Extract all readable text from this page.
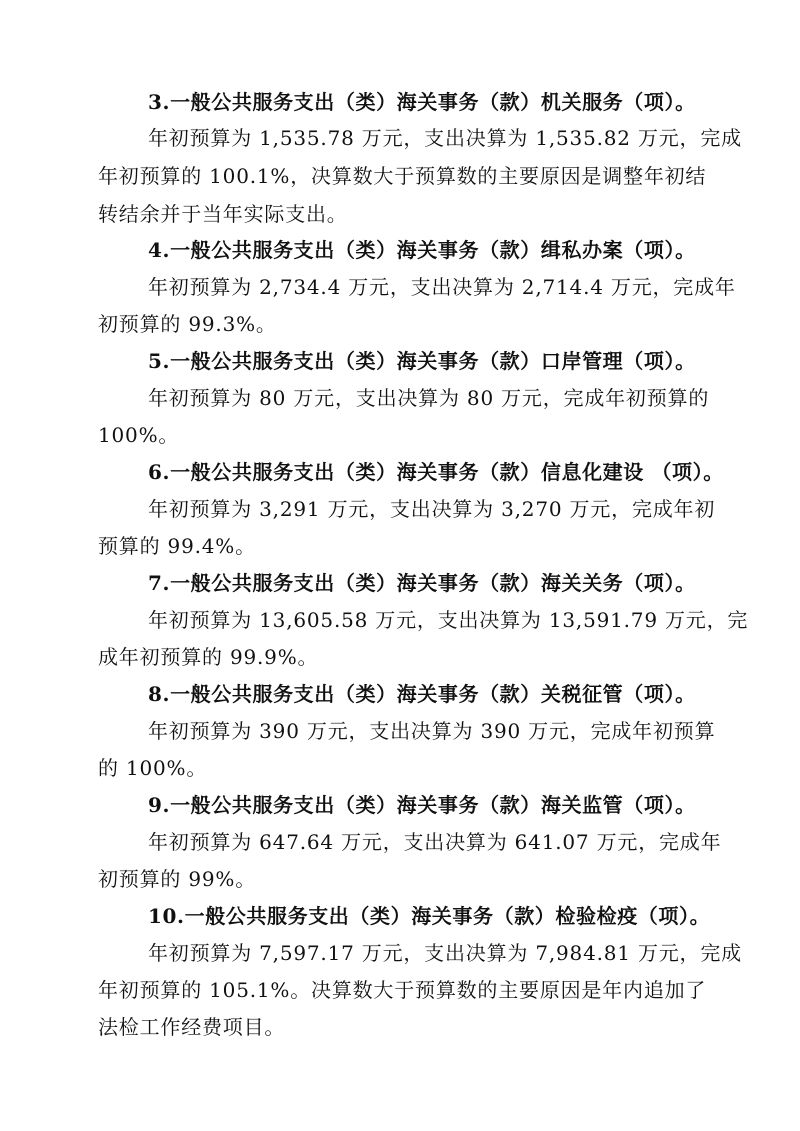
3.一般公共服务支出（类）海关事务（款）机关服务（项）。
年初预算为 1,535.78 万元，支出决算为 1,535.82 万元，完成
年初预算的 100.1%，决算数大于预算数的主要原因是调整年初结
转结余并于当年实际支出。
4.一般公共服务支出（类）海关事务（款）缉私办案（项）。
年初预算为 2,734.4 万元，支出决算为 2,714.4 万元，完成年
初预算的 99.3%。
5.一般公共服务支出（类）海关事务（款）口岸管理（项）。
年初预算为 80 万元，支出决算为 80 万元，完成年初预算的
100%。
6.一般公共服务支出（类）海关事务（款）信息化建设 （项）。
年初预算为 3,291 万元，支出决算为 3,270 万元，完成年初
预算的 99.4%。
7.一般公共服务支出（类）海关事务（款）海关关务（项）。
年初预算为 13,605.58 万元，支出决算为 13,591.79 万元，完
成年初预算的 99.9%。
8.一般公共服务支出（类）海关事务（款）关税征管（项）。
年初预算为 390 万元，支出决算为 390 万元，完成年初预算
的 100%。
9.一般公共服务支出（类）海关事务（款）海关监管（项）。
年初预算为 647.64 万元，支出决算为 641.07 万元，完成年
初预算的 99%。
10.一般公共服务支出（类）海关事务（款）检验检疫（项）。
年初预算为 7,597.17 万元，支出决算为 7,984.81 万元，完成
年初预算的 105.1%。决算数大于预算数的主要原因是年内追加了
法检工作经费项目。
